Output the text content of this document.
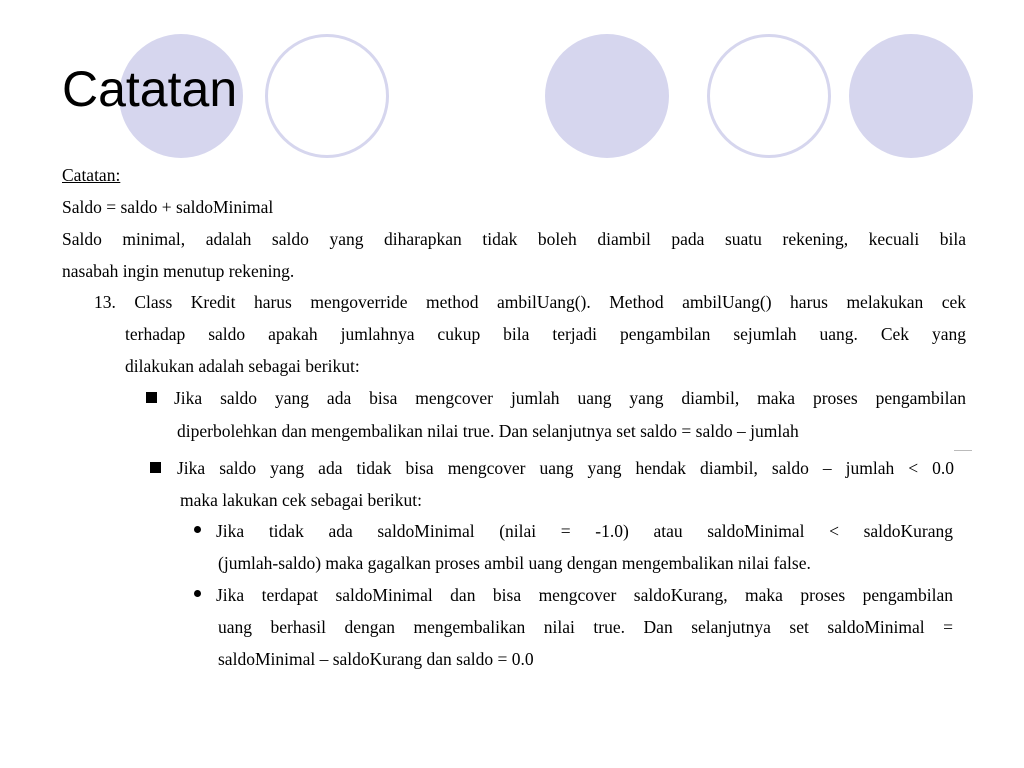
Catatan
Catatan:
Saldo = saldo + saldoMinimal
Saldo minimal, adalah saldo yang diharapkan tidak boleh diambil pada suatu rekening, kecuali bila
nasabah ingin menutup rekening.
13. Class Kredit harus mengoverride method ambilUang(). Method ambilUang() harus melakukan cek
terhadap saldo apakah jumlahnya cukup bila terjadi pengambilan sejumlah uang. Cek yang
dilakukan adalah sebagai berikut:
Jika saldo yang ada bisa mengcover jumlah uang yang diambil, maka proses pengambilan
diperbolehkan dan mengembalikan nilai true. Dan selanjutnya set saldo = saldo – jumlah
Jika saldo yang ada tidak bisa mengcover uang yang hendak diambil, saldo – jumlah < 0.0
maka lakukan cek sebagai berikut:
Jika tidak ada saldoMinimal (nilai = -1.0) atau saldoMinimal < saldoKurang
(jumlah-saldo) maka gagalkan proses ambil uang dengan mengembalikan nilai false.
Jika terdapat saldoMinimal dan bisa mengcover saldoKurang, maka proses pengambilan
uang berhasil dengan mengembalikan nilai true. Dan selanjutnya set saldoMinimal =
saldoMinimal – saldoKurang dan saldo = 0.0
